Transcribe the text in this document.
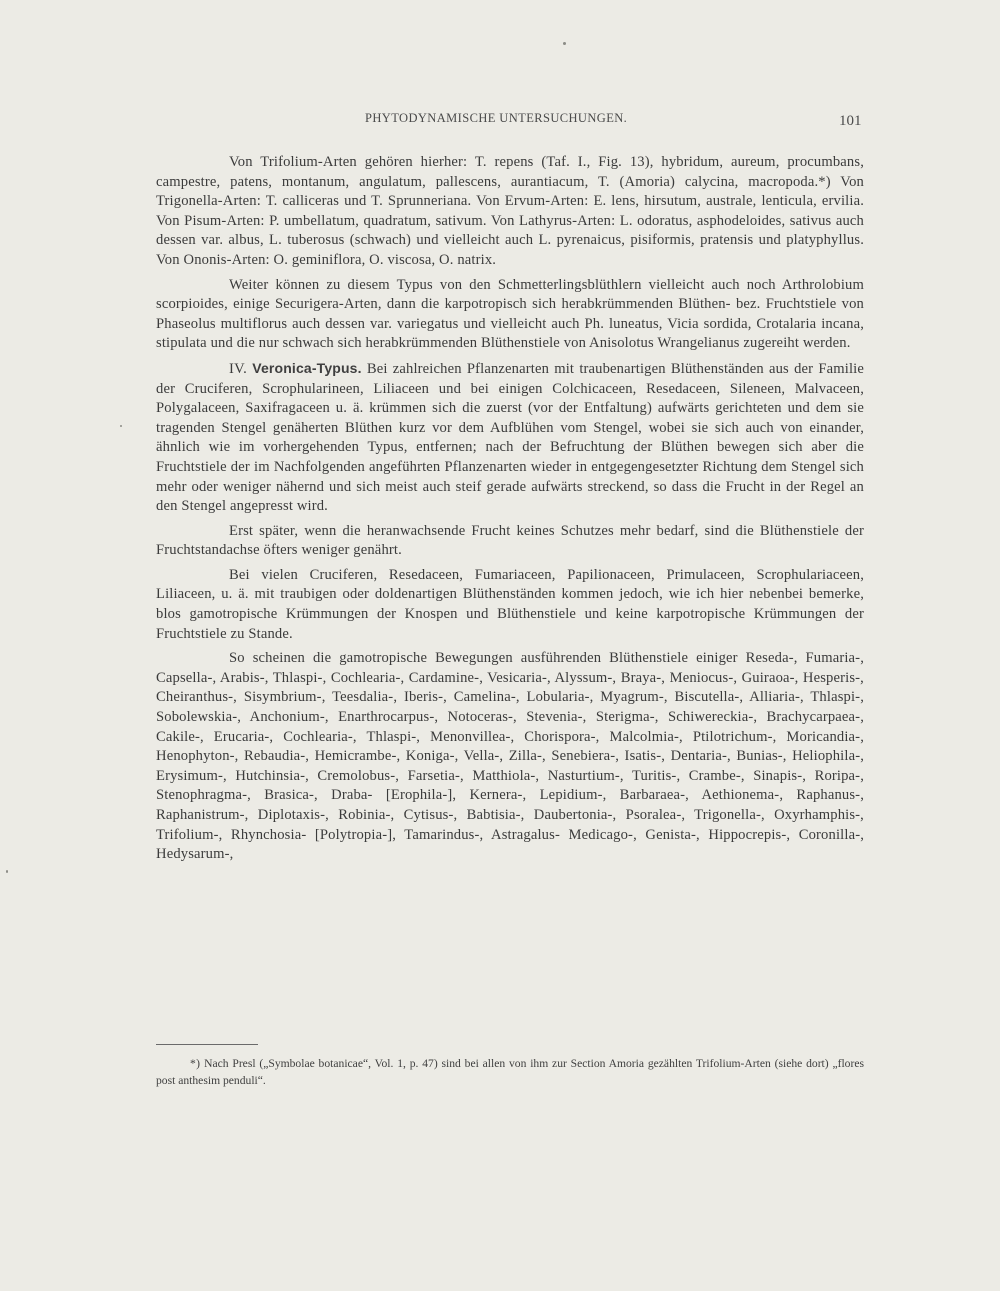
PHYTODYNAMISCHE UNTERSUCHUNGEN.	101

Von Trifolium-Arten gehören hierher: T. repens (Taf. I., Fig. 13), hybridum, aureum, procumbans, campestre, patens, montanum, angulatum, pallescens, aurantiacum, T. (Amoria) calycina, macropoda.*) Von Trigonella-Arten: T. calliceras und T. Sprunneriana. Von Ervum-Arten: E. lens, hirsutum, australe, lenticula, ervilia. Von Pisum-Arten: P. umbellatum, quadratum, sativum. Von Lathyrus-Arten: L. odoratus, asphodeloides, sativus auch dessen var. albus, L. tuberosus (schwach) und vielleicht auch L. pyrenaicus, pisiformis, pratensis und platyphyllus. Von Ononis-Arten: O. geminiflora, O. viscosa, O. natrix.

Weiter können zu diesem Typus von den Schmetterlingsblüthlern vielleicht auch noch Arthrolobium scorpioides, einige Securigera-Arten, dann die karpotropisch sich herabkrümmenden Blüthen- bez. Fruchtstiele von Phaseolus multiflorus auch dessen var. variegatus und vielleicht auch Ph. luneatus, Vicia sordida, Crotalaria incana, stipulata und die nur schwach sich herabkrümmenden Blüthenstiele von Anisolotus Wrangelianus zugereiht werden.

IV. Veronica-Typus. Bei zahlreichen Pflanzenarten mit traubenartigen Blüthenständen aus der Familie der Cruciferen, Scrophularineen, Liliaceen und bei einigen Colchicaceen, Resedaceen, Sileneen, Malvaceen, Polygalaceen, Saxifragaceen u. ä. krümmen sich die zuerst (vor der Entfaltung) aufwärts gerichteten und dem sie tragenden Stengel genäherten Blüthen kurz vor dem Aufblühen vom Stengel, wobei sie sich auch von einander, ähnlich wie im vorhergehenden Typus, entfernen; nach der Befruchtung der Blüthen bewegen sich aber die Fruchtstiele der im Nachfolgenden angeführten Pflanzenarten wieder in entgegengesetzter Richtung dem Stengel sich mehr oder weniger nähernd und sich meist auch steif gerade aufwärts streckend, so dass die Frucht in der Regel an den Stengel angepresst wird.

Erst später, wenn die heranwachsende Frucht keines Schutzes mehr bedarf, sind die Blüthenstiele der Fruchtstandachse öfters weniger genährt.

Bei vielen Cruciferen, Resedaceen, Fumariaceen, Papilionaceen, Primulaceen, Scrophulariaceen, Liliaceen, u. ä. mit traubigen oder doldenartigen Blüthenständen kommen jedoch, wie ich hier nebenbei bemerke, blos gamotropische Krümmungen der Knospen und Blüthenstiele und keine karpotropische Krümmungen der Fruchtstiele zu Stande.

So scheinen die gamotropische Bewegungen ausführenden Blüthenstiele einiger Reseda-, Fumaria-, Capsella-, Arabis-, Thlaspi-, Cochlearia-, Cardamine-, Vesicaria-, Alyssum-, Braya-, Meniocus-, Guiraoa-, Hesperis-, Cheiranthus-, Sisymbrium-, Teesdalia-, Iberis-, Camelina-, Lobularia-, Myagrum-, Biscutella-, Alliaria-, Thlaspi-, Sobolewskia-, Anchonium-, Enarthrocarpus-, Notoceras-, Stevenia-, Sterigma-, Schiwereckia-, Brachycarpaea-, Cakile-, Erucaria-, Cochlearia-, Thlaspi-, Menonvillea-, Chorispora-, Malcolmia-, Ptilotrichum-, Moricandia-, Henophyton-, Rebaudia-, Hemicrambe-, Koniga-, Vella-, Zilla-, Senebiera-, Isatis-, Dentaria-, Bunias-, Heliophila-, Erysimum-, Hutchinsia-, Cremolobus-, Farsetia-, Matthiola-, Nasturtium-, Turitis-, Crambe-, Sinapis-, Roripa-, Stenophragma-, Brasica-, Draba- [Erophila-], Kernera-, Lepidium-, Barbaraea-, Aethionema-, Raphanus-, Raphanistrum-, Diplotaxis-, Robinia-, Cytisus-, Babtisia-, Daubertonia-, Psoralea-, Trigonella-, Oxyrhamphis-, Trifolium-, Rhynchosia- [Polytropia-], Tamarindus-, Astragalus- Medicago-, Genista-, Hippocrepis-, Coronilla-, Hedysarum-,

*) Nach Presl („Symbolae botanicae“, Vol. 1, p. 47) sind bei allen von ihm zur Section Amoria gezählten Trifolium-Arten (siehe dort) „flores post anthesim penduli“.
